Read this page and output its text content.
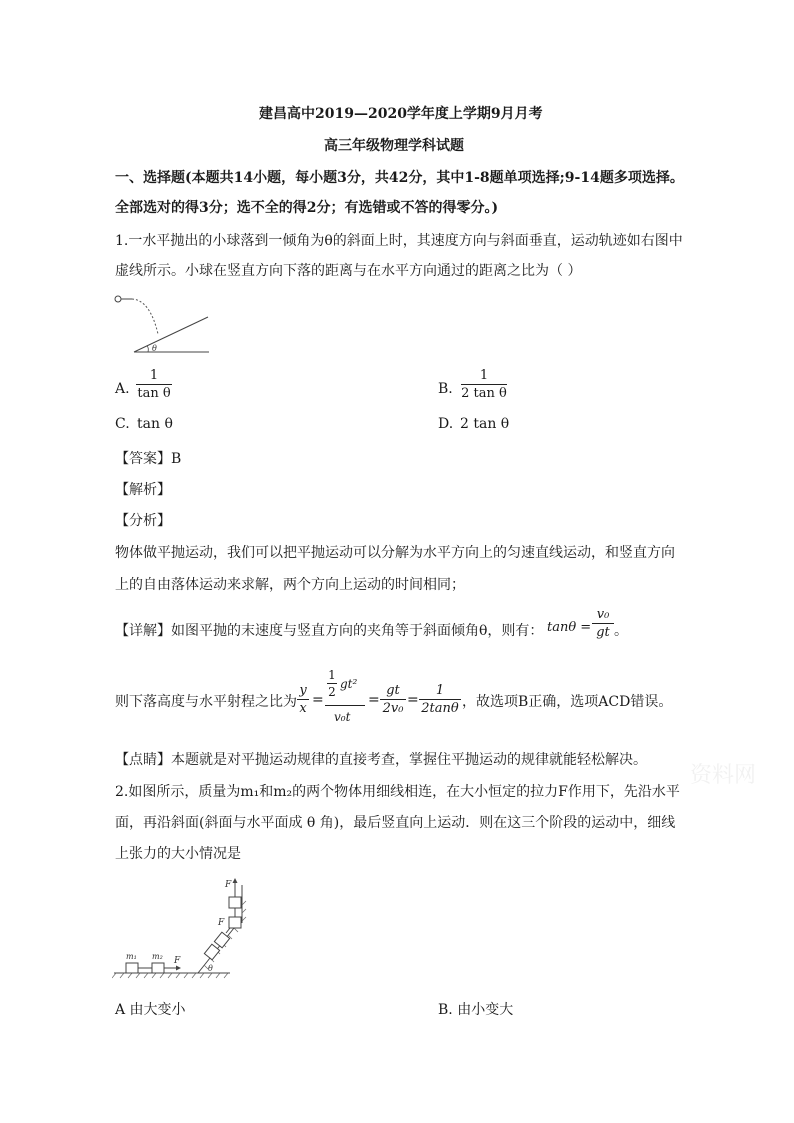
建昌高中2019—2020学年度上学期9月月考
高三年级物理学科试题
一、选择题(本题共14小题，每小题3分，共42分，其中1-8题单项选择;9-14题多项选择。
全部选对的得3分；选不全的得2分；有选错或不答的得零分。)
1.一水平抛出的小球落到一倾角为θ的斜面上时，其速度方向与斜面垂直，运动轨迹如右图中
虚线所示。小球在竖直方向下落的距离与在水平方向通过的距离之比为（ ）
θ
A.
1
tan θ	B.
1
2 tan θ
C. tan θ	D. 2 tan θ
【答案】B
【解析】
【分析】
物体做平抛运动，我们可以把平抛运动可以分解为水平方向上的匀速直线运动，和竖直方向
上的自由落体运动来求解，两个方向上运动的时间相同；
【详解】如图平抛的末速度与竖直方向的夹角等于斜面倾角θ，则有： tanθ =
v₀
gt 。
则下落高度与水平射程之比为
y
x
=
1
2
gt²
v₀t
=
gt
2v₀
=
1
2tanθ ，故选项B正确，选项ACD错误。
【点睛】本题就是对平抛运动规律的直接考查，掌握住平抛运动的规律就能轻松解决。
2.如图所示，质量为m₁和m₂的两个物体用细线相连，在大小恒定的拉力F作用下，先沿水平
面，再沿斜面(斜面与水平面成 θ 角)，最后竖直向上运动．则在这三个阶段的运动中，细线
上张力的大小情况是
m₁ m₂ F
F
θ
F
A 由大变小	B. 由小变大
资料网
